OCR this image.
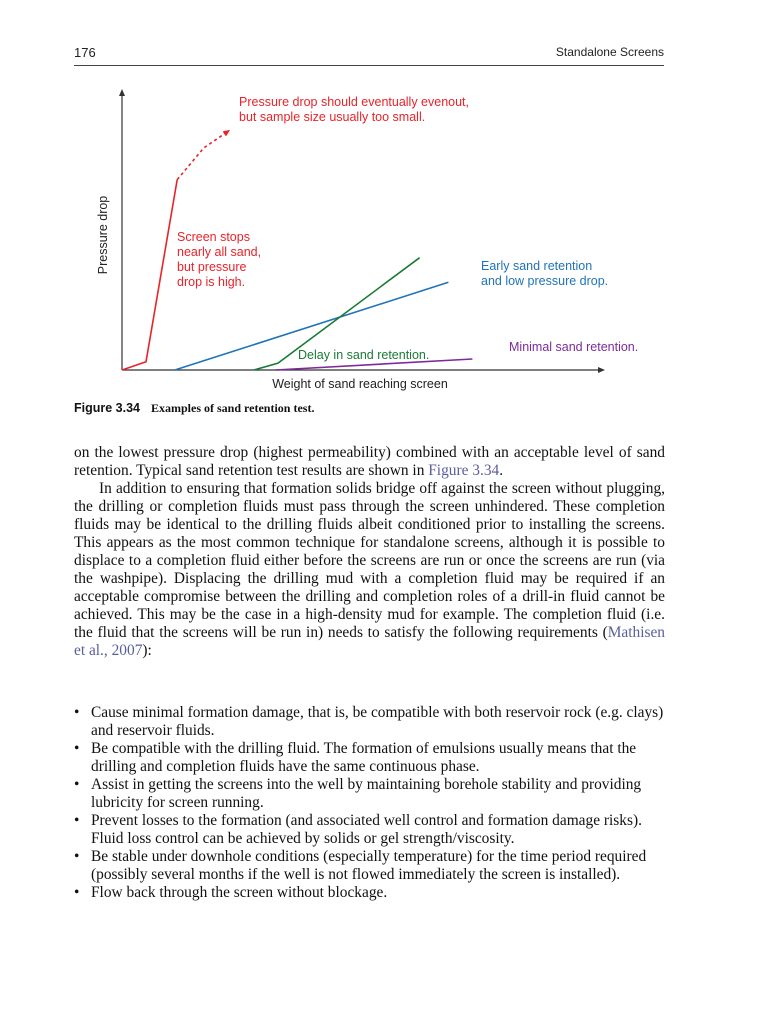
176	Standalone Screens
Pressure drop
Weight of sand reaching screen
Pressure drop should eventually evenout, but sample size usually too small.
Screen stops nearly all sand, but pressure drop is high.
Early sand retention and low pressure drop.
Minimal sand retention.
Delay in sand retention.
Figure 3.34 Examples of sand retention test.

on the lowest pressure drop (highest permeability) combined with an acceptable level of sand retention. Typical sand retention test results are shown in Figure 3.34.

In addition to ensuring that formation solids bridge off against the screen without plugging, the drilling or completion fluids must pass through the screen unhindered. These completion fluids may be identical to the drilling fluids albeit conditioned prior to installing the screens. This appears as the most common technique for standalone screens, although it is possible to displace to a completion fluid either before the screens are run or once the screens are run (via the washpipe). Displacing the drilling mud with a completion fluid may be required if an acceptable compromise between the drilling and completion roles of a drill-in fluid cannot be achieved. This may be the case in a high-density mud for example. The completion fluid (i.e. the fluid that the screens will be run in) needs to satisfy the following requirements (Mathisen et al., 2007):

• Cause minimal formation damage, that is, be compatible with both reservoir rock (e.g. clays) and reservoir fluids.
• Be compatible with the drilling fluid. The formation of emulsions usually means that the drilling and completion fluids have the same continuous phase.
• Assist in getting the screens into the well by maintaining borehole stability and providing lubricity for screen running.
• Prevent losses to the formation (and associated well control and formation damage risks). Fluid loss control can be achieved by solids or gel strength/viscosity.
• Be stable under downhole conditions (especially temperature) for the time period required (possibly several months if the well is not flowed immediately the screen is installed).
• Flow back through the screen without blockage.
